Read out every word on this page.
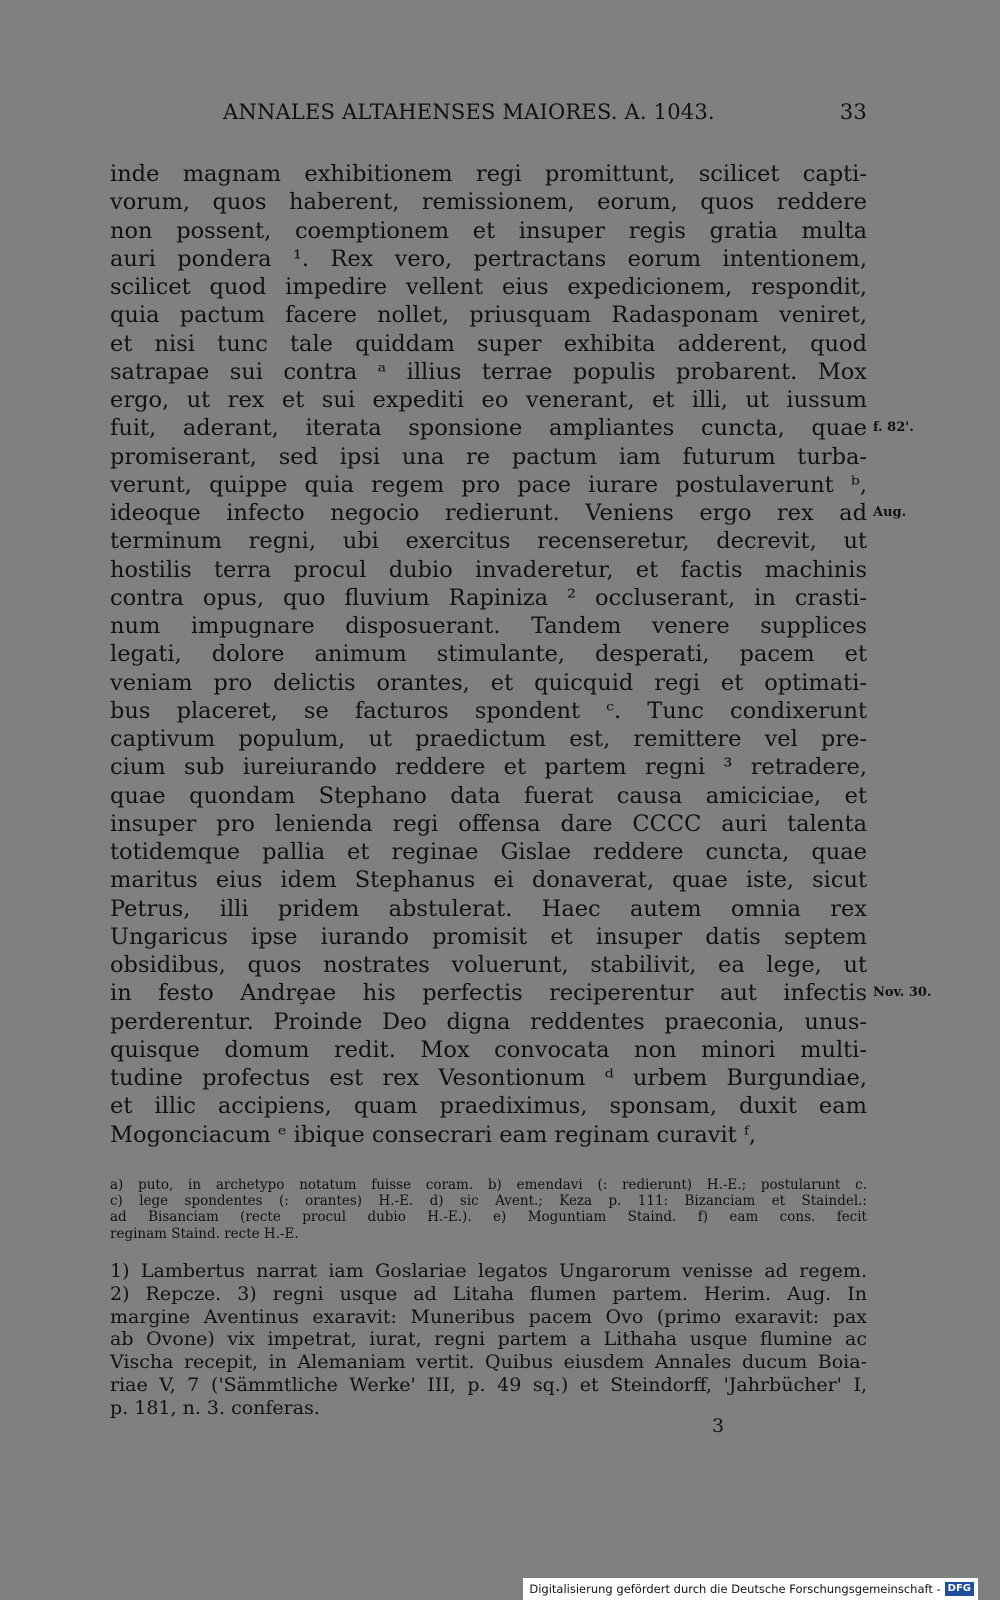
ANNALES ALTAHENSES MAIORES. A. 1043.	33
inde magnam exhibitionem regi promittunt, scilicet capti-
vorum, quos haberent, remissionem, eorum, quos reddere
non possent, coemptionem et insuper regis gratia multa
auri pondera ¹. Rex vero, pertractans eorum intentionem,
scilicet quod impedire vellent eius expedicionem, respondit,
quia pactum facere nollet, priusquam Radasponam veniret,
et nisi tunc tale quiddam super exhibita adderent, quod
satrapae sui contra ᵃ illius terrae populis probarent. Mox
ergo, ut rex et sui expediti eo venerant, et illi, ut iussum
fuit, aderant, iterata sponsione ampliantes cuncta, quae f. 82'.
promiserant, sed ipsi una re pactum iam futurum turba-
verunt, quippe quia regem pro pace iurare postulaverunt ᵇ,
ideoque infecto negocio redierunt. Veniens ergo rex ad Aug.
terminum regni, ubi exercitus recenseretur, decrevit, ut
hostilis terra procul dubio invaderetur, et factis machinis
contra opus, quo fluvium Rapiniza ² occluserant, in crasti-
num impugnare disposuerant. Tandem venere supplices
legati, dolore animum stimulante, desperati, pacem et
veniam pro delictis orantes, et quicquid regi et optimati-
bus placeret, se facturos spondent ᶜ. Tunc condixerunt
captivum populum, ut praedictum est, remittere vel pre-
cium sub iureiurando reddere et partem regni ³ retradere,
quae quondam Stephano data fuerat causa amiciciae, et
insuper pro lenienda regi offensa dare CCCC auri talenta
totidemque pallia et reginae Gislae reddere cuncta, quae
maritus eius idem Stephanus ei donaverat, quae iste, sicut
Petrus, illi pridem abstulerat. Haec autem omnia rex
Ungaricus ipse iurando promisit et insuper datis septem
obsidibus, quos nostrates voluerunt, stabilivit, ea lege, ut
in festo Andrȩae his perfectis reciperentur aut infectis Nov. 30.
perderentur. Proinde Deo digna reddentes praeconia, unus-
quisque domum redit. Mox convocata non minori multi-
tudine profectus est rex Vesontionum ᵈ urbem Burgundiae,
et illic accipiens, quam praediximus, sponsam, duxit eam
Mogonciacum ᵉ ibique consecrari eam reginam curavit ᶠ,
a) puto, in archetypo notatum fuisse coram. b) emendavi (: redierunt) H.-E.; postularunt c.
c) lege spondentes (: orantes) H.-E. d) sic Avent.; Keza p. 111: Bizanciam et Staindel.:
ad Bisanciam (recte procul dubio H.-E.). e) Moguntiam Staind. f) eam cons. fecit
reginam Staind. recte H.-E.
1) Lambertus narrat iam Goslariae legatos Ungarorum venisse ad regem.
2) Repcze. 3) regni usque ad Litaha flumen partem. Herim. Aug. In
margine Aventinus exaravit: Muneribus pacem Ovo (primo exaravit: pax
ab Ovone) vix impetrat, iurat, regni partem a Lithaha usque flumine ac
Vischa recepit, in Alemaniam vertit. Quibus eiusdem Annales ducum Boia-
riae V, 7 ('Sämmtliche Werke' III, p. 49 sq.) et Steindorff, 'Jahrbücher' I,
p. 181, n. 3. conferas.
3
Digitalisierung gefördert durch die Deutsche Forschungsgemeinschaft - DFG
